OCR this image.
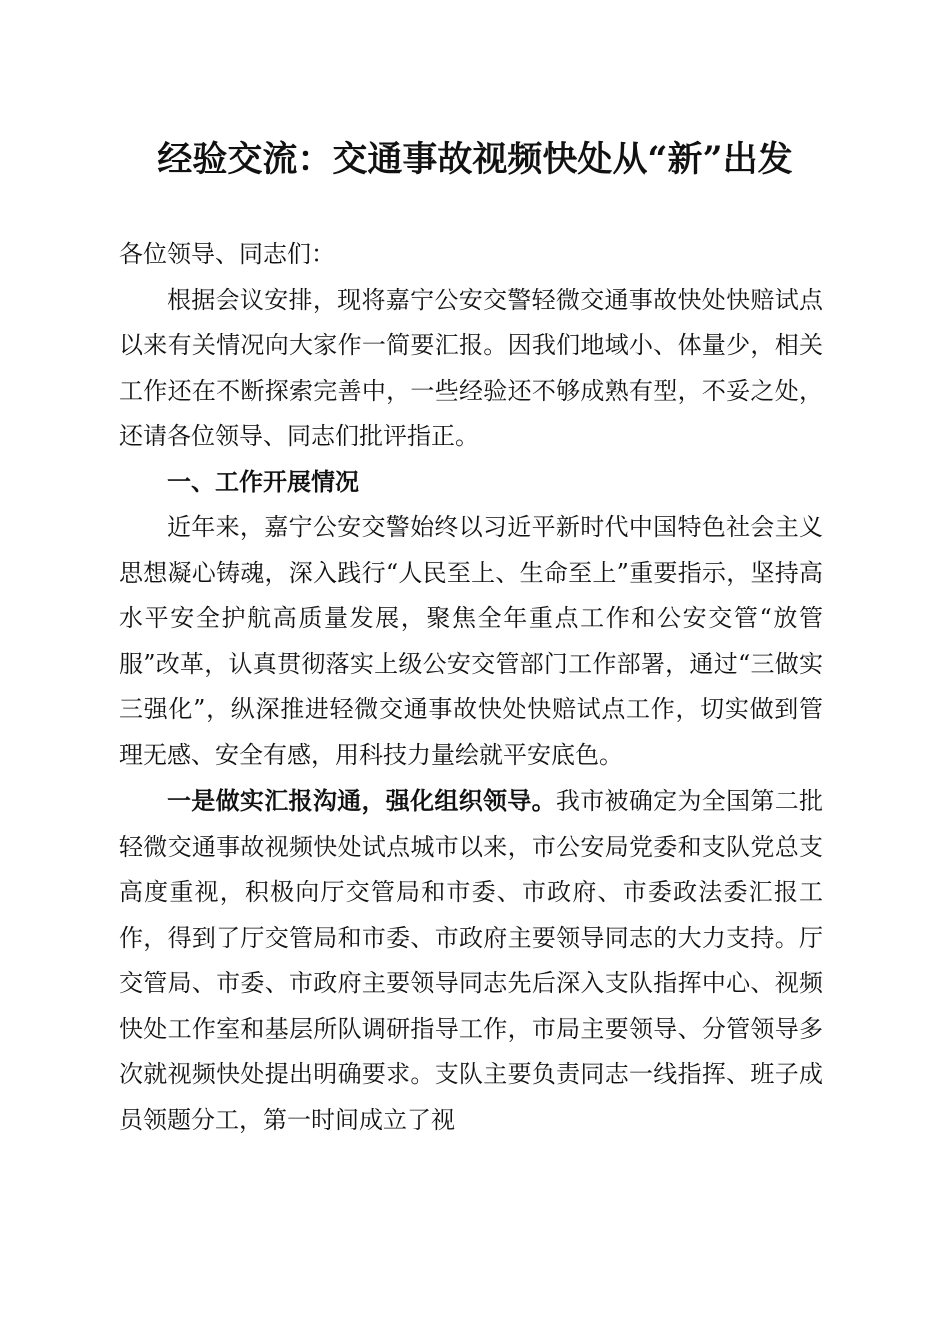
经验交流：交通事故视频快处从“新”出发

各位领导、同志们：

根据会议安排，现将嘉宁公安交警轻微交通事故快处快赔试点以来有关情况向大家作一简要汇报。因我们地域小、体量少，相关工作还在不断探索完善中，一些经验还不够成熟有型，不妥之处，还请各位领导、同志们批评指正。

一、工作开展情况

近年来，嘉宁公安交警始终以习近平新时代中国特色社会主义思想凝心铸魂，深入践行“人民至上、生命至上”重要指示，坚持高水平安全护航高质量发展，聚焦全年重点工作和公安交管“放管服”改革，认真贯彻落实上级公安交管部门工作部署，通过“三做实三强化”，纵深推进轻微交通事故快处快赔试点工作，切实做到管理无感、安全有感，用科技力量绘就平安底色。

一是做实汇报沟通，强化组织领导。我市被确定为全国第二批轻微交通事故视频快处试点城市以来，市公安局党委和支队党总支高度重视，积极向厅交管局和市委、市政府、市委政法委汇报工作，得到了厅交管局和市委、市政府主要领导同志的大力支持。厅交管局、市委、市政府主要领导同志先后深入支队指挥中心、视频快处工作室和基层所队调研指导工作，市局主要领导、分管领导多次就视频快处提出明确要求。支队主要负责同志一线指挥、班子成员领题分工，第一时间成立了视
